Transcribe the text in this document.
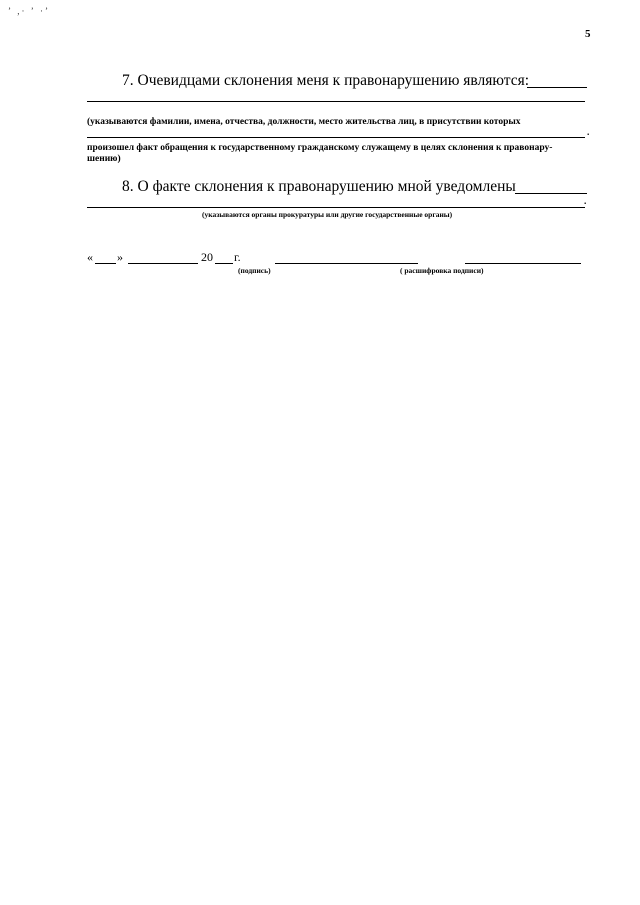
ʼ ,· ʼ ·ʼ
5
7. Очевидцами склонения меня к правонарушению являются:
(указываются фамилии, имена, отчества, должности, место жительства лиц, в присутствии которых
.
произошел факт обращения к государственному гражданскому служащему в целях склонения к правонару-
шению)
8. О факте склонения к правонарушению мной уведомлены
.
(указываются органы прокуратуры или другие государственные органы)
« »	20 г.
(подпись)	( расшифровка подписи)
